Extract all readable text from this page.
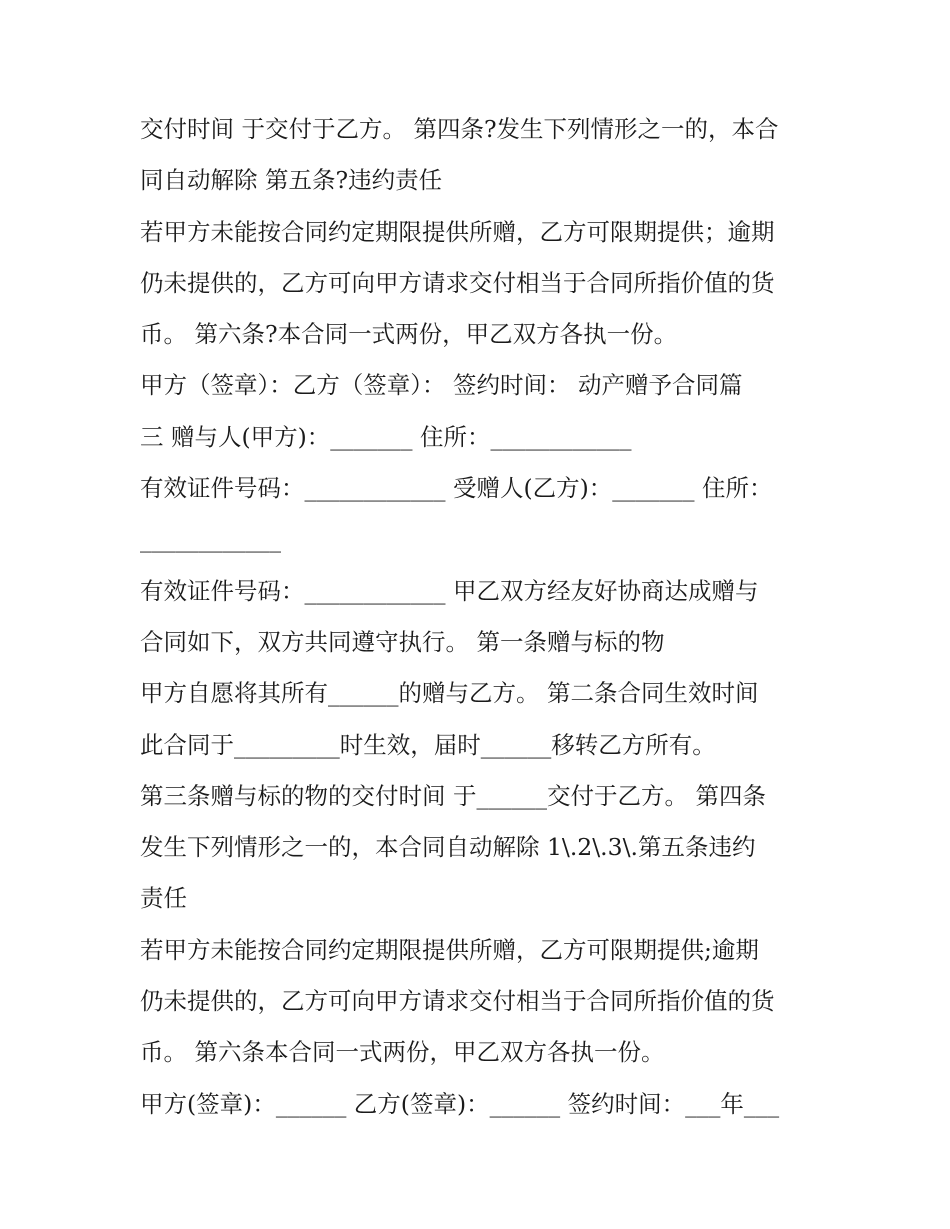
交付时间 于交付于乙方。 第四条?发生下列情形之一的，本合
同自动解除 第五条?违约责任
若甲方未能按合同约定期限提供所赠，乙方可限期提供；逾期
仍未提供的，乙方可向甲方请求交付相当于合同所指价值的货
币。 第六条?本合同一式两份，甲乙双方各执一份。
甲方（签章）：乙方（签章）： 签约时间： 动产赠予合同篇
三 赠与人(甲方)：_______ 住所：____________
有效证件号码：____________ 受赠人(乙方)：_______ 住所：
____________
有效证件号码：____________ 甲乙双方经友好协商达成赠与
合同如下，双方共同遵守执行。 第一条赠与标的物
甲方自愿将其所有______的赠与乙方。 第二条合同生效时间
此合同于_________时生效，届时______移转乙方所有。
第三条赠与标的物的交付时间 于______交付于乙方。 第四条
发生下列情形之一的，本合同自动解除 1\.2\.3\.第五条违约
责任
若甲方未能按合同约定期限提供所赠，乙方可限期提供;逾期
仍未提供的，乙方可向甲方请求交付相当于合同所指价值的货
币。 第六条本合同一式两份，甲乙双方各执一份。
甲方(签章)：______ 乙方(签章)：______ 签约时间：___年___
